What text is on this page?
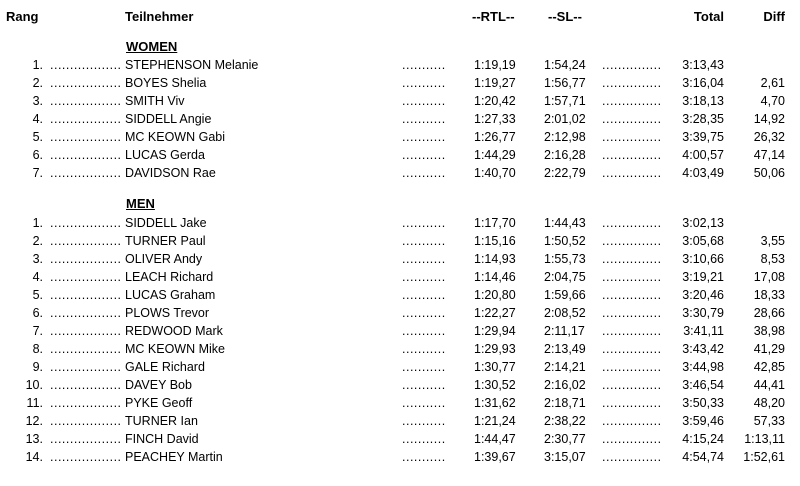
Rang	Teilnehmer	--RTL--	--SL--	Total	Diff
WOMEN
1. .................. STEPHENSON Melanie	........... 1:19,19 1:54,24 ............... 3:13,43
2. .................. BOYES Shelia	........... 1:19,27 1:56,77 ............... 3:16,04	2,61
3. .................. SMITH Viv	........... 1:20,42 1:57,71 ............... 3:18,13	4,70
4. .................. SIDDELL Angie	........... 1:27,33 2:01,02 ............... 3:28,35 14,92
5. .................. MC KEOWN Gabi	........... 1:26,77 2:12,98 ............... 3:39,75 26,32
6. .................. LUCAS Gerda	........... 1:44,29 2:16,28 ............... 4:00,57 47,14
7. .................. DAVIDSON Rae	........... 1:40,70 2:22,79 ............... 4:03,49 50,06
MEN
1. .................. SIDDELL Jake	........... 1:17,70 1:44,43 ............... 3:02,13
2. .................. TURNER Paul	........... 1:15,16 1:50,52 ............... 3:05,68	3,55
3. .................. OLIVER Andy	........... 1:14,93 1:55,73 ............... 3:10,66	8,53
4. .................. LEACH Richard	........... 1:14,46 2:04,75 ............... 3:19,21 17,08
5. .................. LUCAS Graham	........... 1:20,80 1:59,66 ............... 3:20,46 18,33
6. .................. PLOWS Trevor	........... 1:22,27 2:08,52 ............... 3:30,79 28,66
7. .................. REDWOOD Mark	........... 1:29,94 2:11,17 ............... 3:41,11 38,98
8. .................. MC KEOWN Mike	........... 1:29,93 2:13,49 ............... 3:43,42 41,29
9. .................. GALE Richard	........... 1:30,77 2:14,21 ............... 3:44,98 42,85
10. .................. DAVEY Bob	........... 1:30,52 2:16,02 ............... 3:46,54 44,41
11. .................. PYKE Geoff	........... 1:31,62 2:18,71 ............... 3:50,33 48,20
12. .................. TURNER Ian	........... 1:21,24 2:38,22 ............... 3:59,46 57,33
13. .................. FINCH David	........... 1:44,47 2:30,77 ............... 4:15,24 1:13,11
14. .................. PEACHEY Martin	........... 1:39,67 3:15,07 ............... 4:54,74 1:52,61
